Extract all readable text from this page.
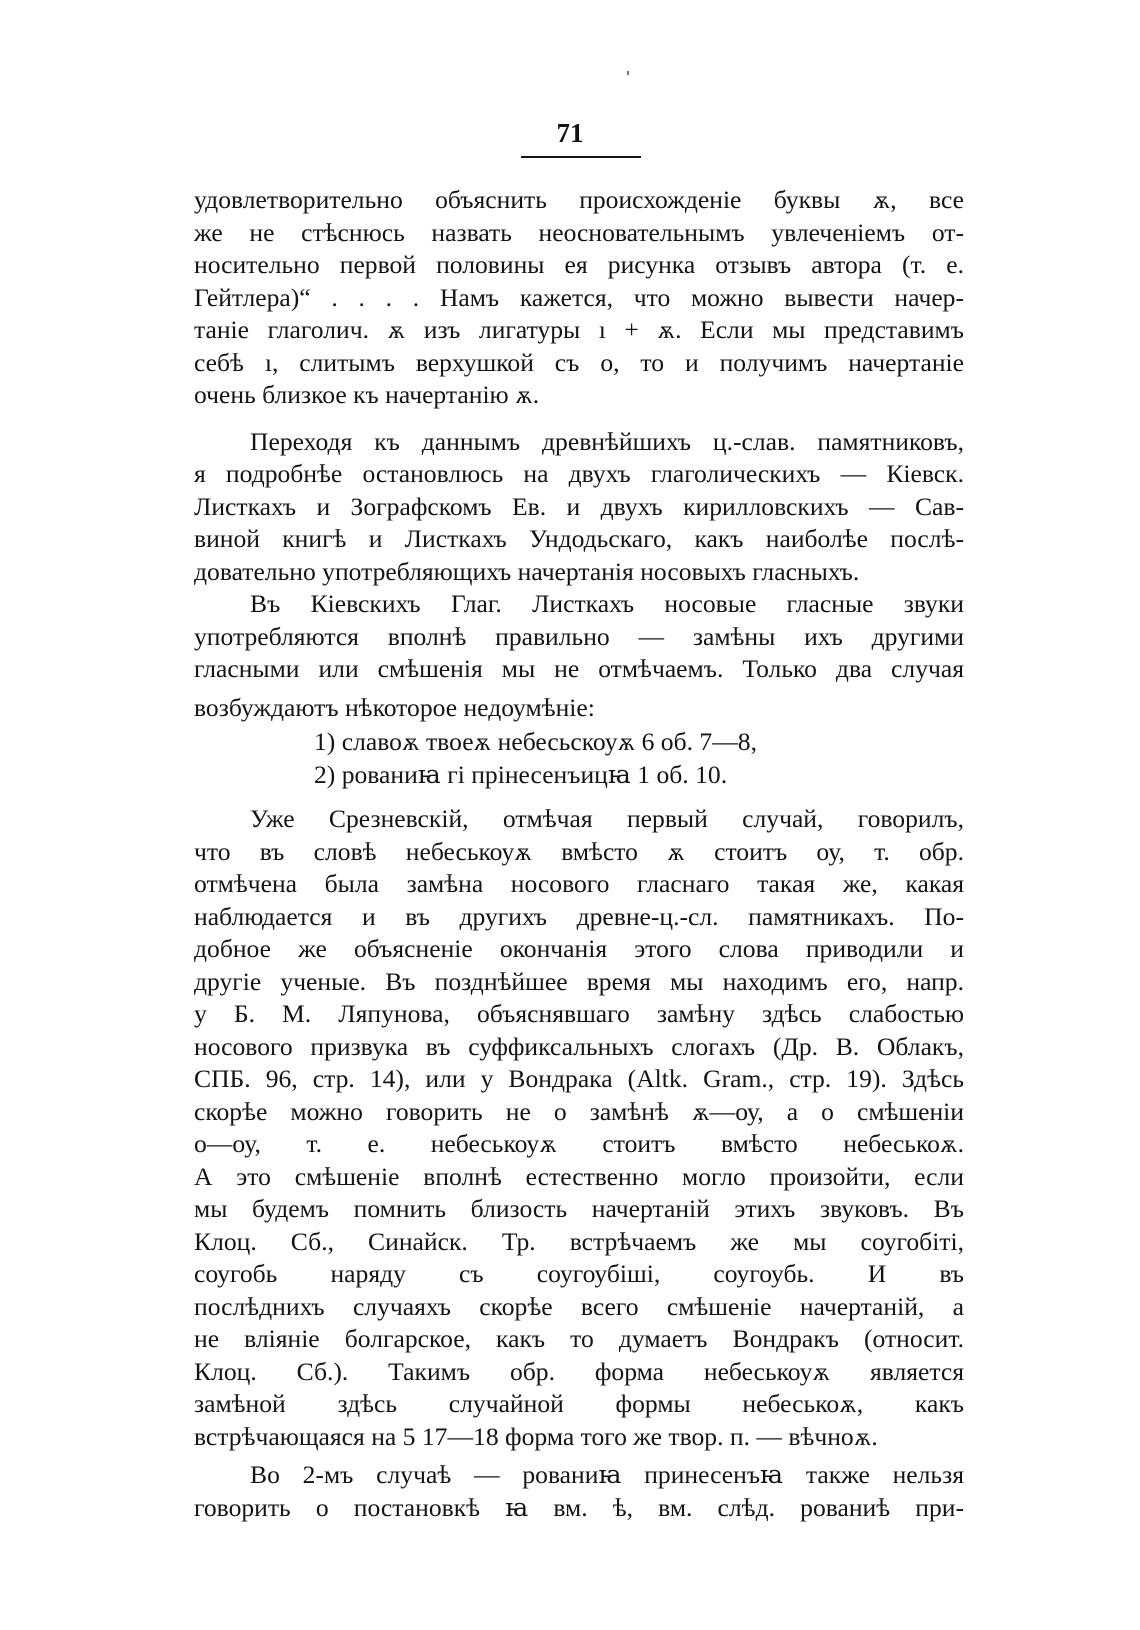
71

удовлетворительно объяснить происхожденіе буквы ѫ, все
же не стѣснюсь назвать неосновательнымъ увлеченіемъ от-
носительно первой половины ея рисунка отзывъ автора (т. е.
Гейтлера)“ . . . . Намъ кажется, что можно вывести начер-
таніе глаголич. ѫ изъ лигатуры ı + ѫ. Если мы представимъ
себѣ ı, слитымъ верхушкой съ о, то и получимъ начертаніе
очень близкое къ начертанію ѫ.

Переходя къ даннымъ древнѣйшихъ ц.-слав. памятниковъ,
я подробнѣе остановлюсь на двухъ глаголическихъ — Кіевск.
Листкахъ и Зографскомъ Ев. и двухъ кирилловскихъ — Сав-
виной книгѣ и Листкахъ Ундодьскаго, какъ наиболѣе послѣ-
довательно употребляющихъ начертанія носовыхъ гласныхъ.

Въ Кіевскихъ Глаг. Листкахъ носовые гласные звуки
употребляются вполнѣ правильно — замѣны ихъ другими
гласными или смѣшенія мы не отмѣчаемъ. Только два случая
возбуждаютъ нѣкоторое недоумѣніе:

1) славоѫ твоеѫ небесьскоуѫ 6 об. 7—8,
2) рованиꙗ гі прінесенъицꙗ 1 об. 10.

Уже Срезневскій, отмѣчая первый случай, говорилъ,
что въ словѣ небеськоуѫ вмѣсто ѫ стоитъ оу, т. обр.
отмѣчена была замѣна носового гласнаго такая же, какая
наблюдается и въ другихъ древне-ц.-сл. памятникахъ. По-
добное же объясненіе окончанія этого слова приводили и
другіе ученые. Въ позднѣйшее время мы находимъ его, напр.
у Б. М. Ляпунова, объяснявшаго замѣну здѣсь слабостью
носового призвука въ суффиксальныхъ слогахъ (Др. В. Облакъ,
СПБ. 96, стр. 14), или у Вондрака (Altk. Gram., стр. 19). Здѣсь
скорѣе можно говорить не о замѣнѣ ѫ—оу, а о смѣшеніи
о—оу, т. е. небеськоуѫ стоитъ вмѣсто небеськоѫ.
А это смѣшеніе вполнѣ естественно могло произойти, если
мы будемъ помнить близость начертаній этихъ звуковъ. Въ
Клоц. Сб., Синайск. Тр. встрѣчаемъ же мы соугобіті,
соугобь наряду съ соугоубіші, соугоубь. И въ
послѣднихъ случаяхъ скорѣе всего смѣшеніе начертаній, а
не вліяніе болгарское, какъ то думаетъ Вондракъ (относит.
Клоц. Сб.). Такимъ обр. форма небеськоуѫ является
замѣной здѣсь случайной формы небеськоѫ, какъ
встрѣчающаяся на 5 17—18 форма того же твор. п. — вѣчноѫ.

Во 2-мъ случаѣ — рованиꙗ принесенъꙗ также нельзя
говорить о постановкѣ ꙗ вм. ѣ, вм. слѣд. рованиѣ при-
